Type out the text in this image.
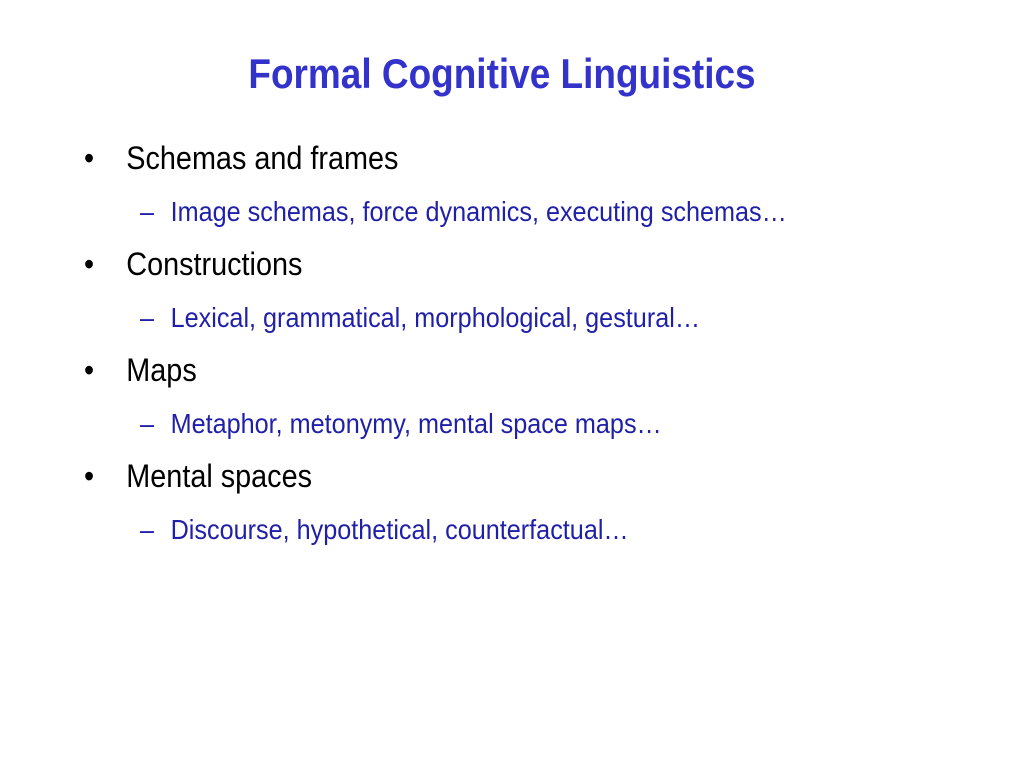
Formal Cognitive Linguistics
• Schemas and frames
– Image schemas, force dynamics, executing schemas…
• Constructions
– Lexical, grammatical, morphological, gestural…
• Maps
– Metaphor, metonymy, mental space maps…
• Mental spaces
– Discourse, hypothetical, counterfactual…
